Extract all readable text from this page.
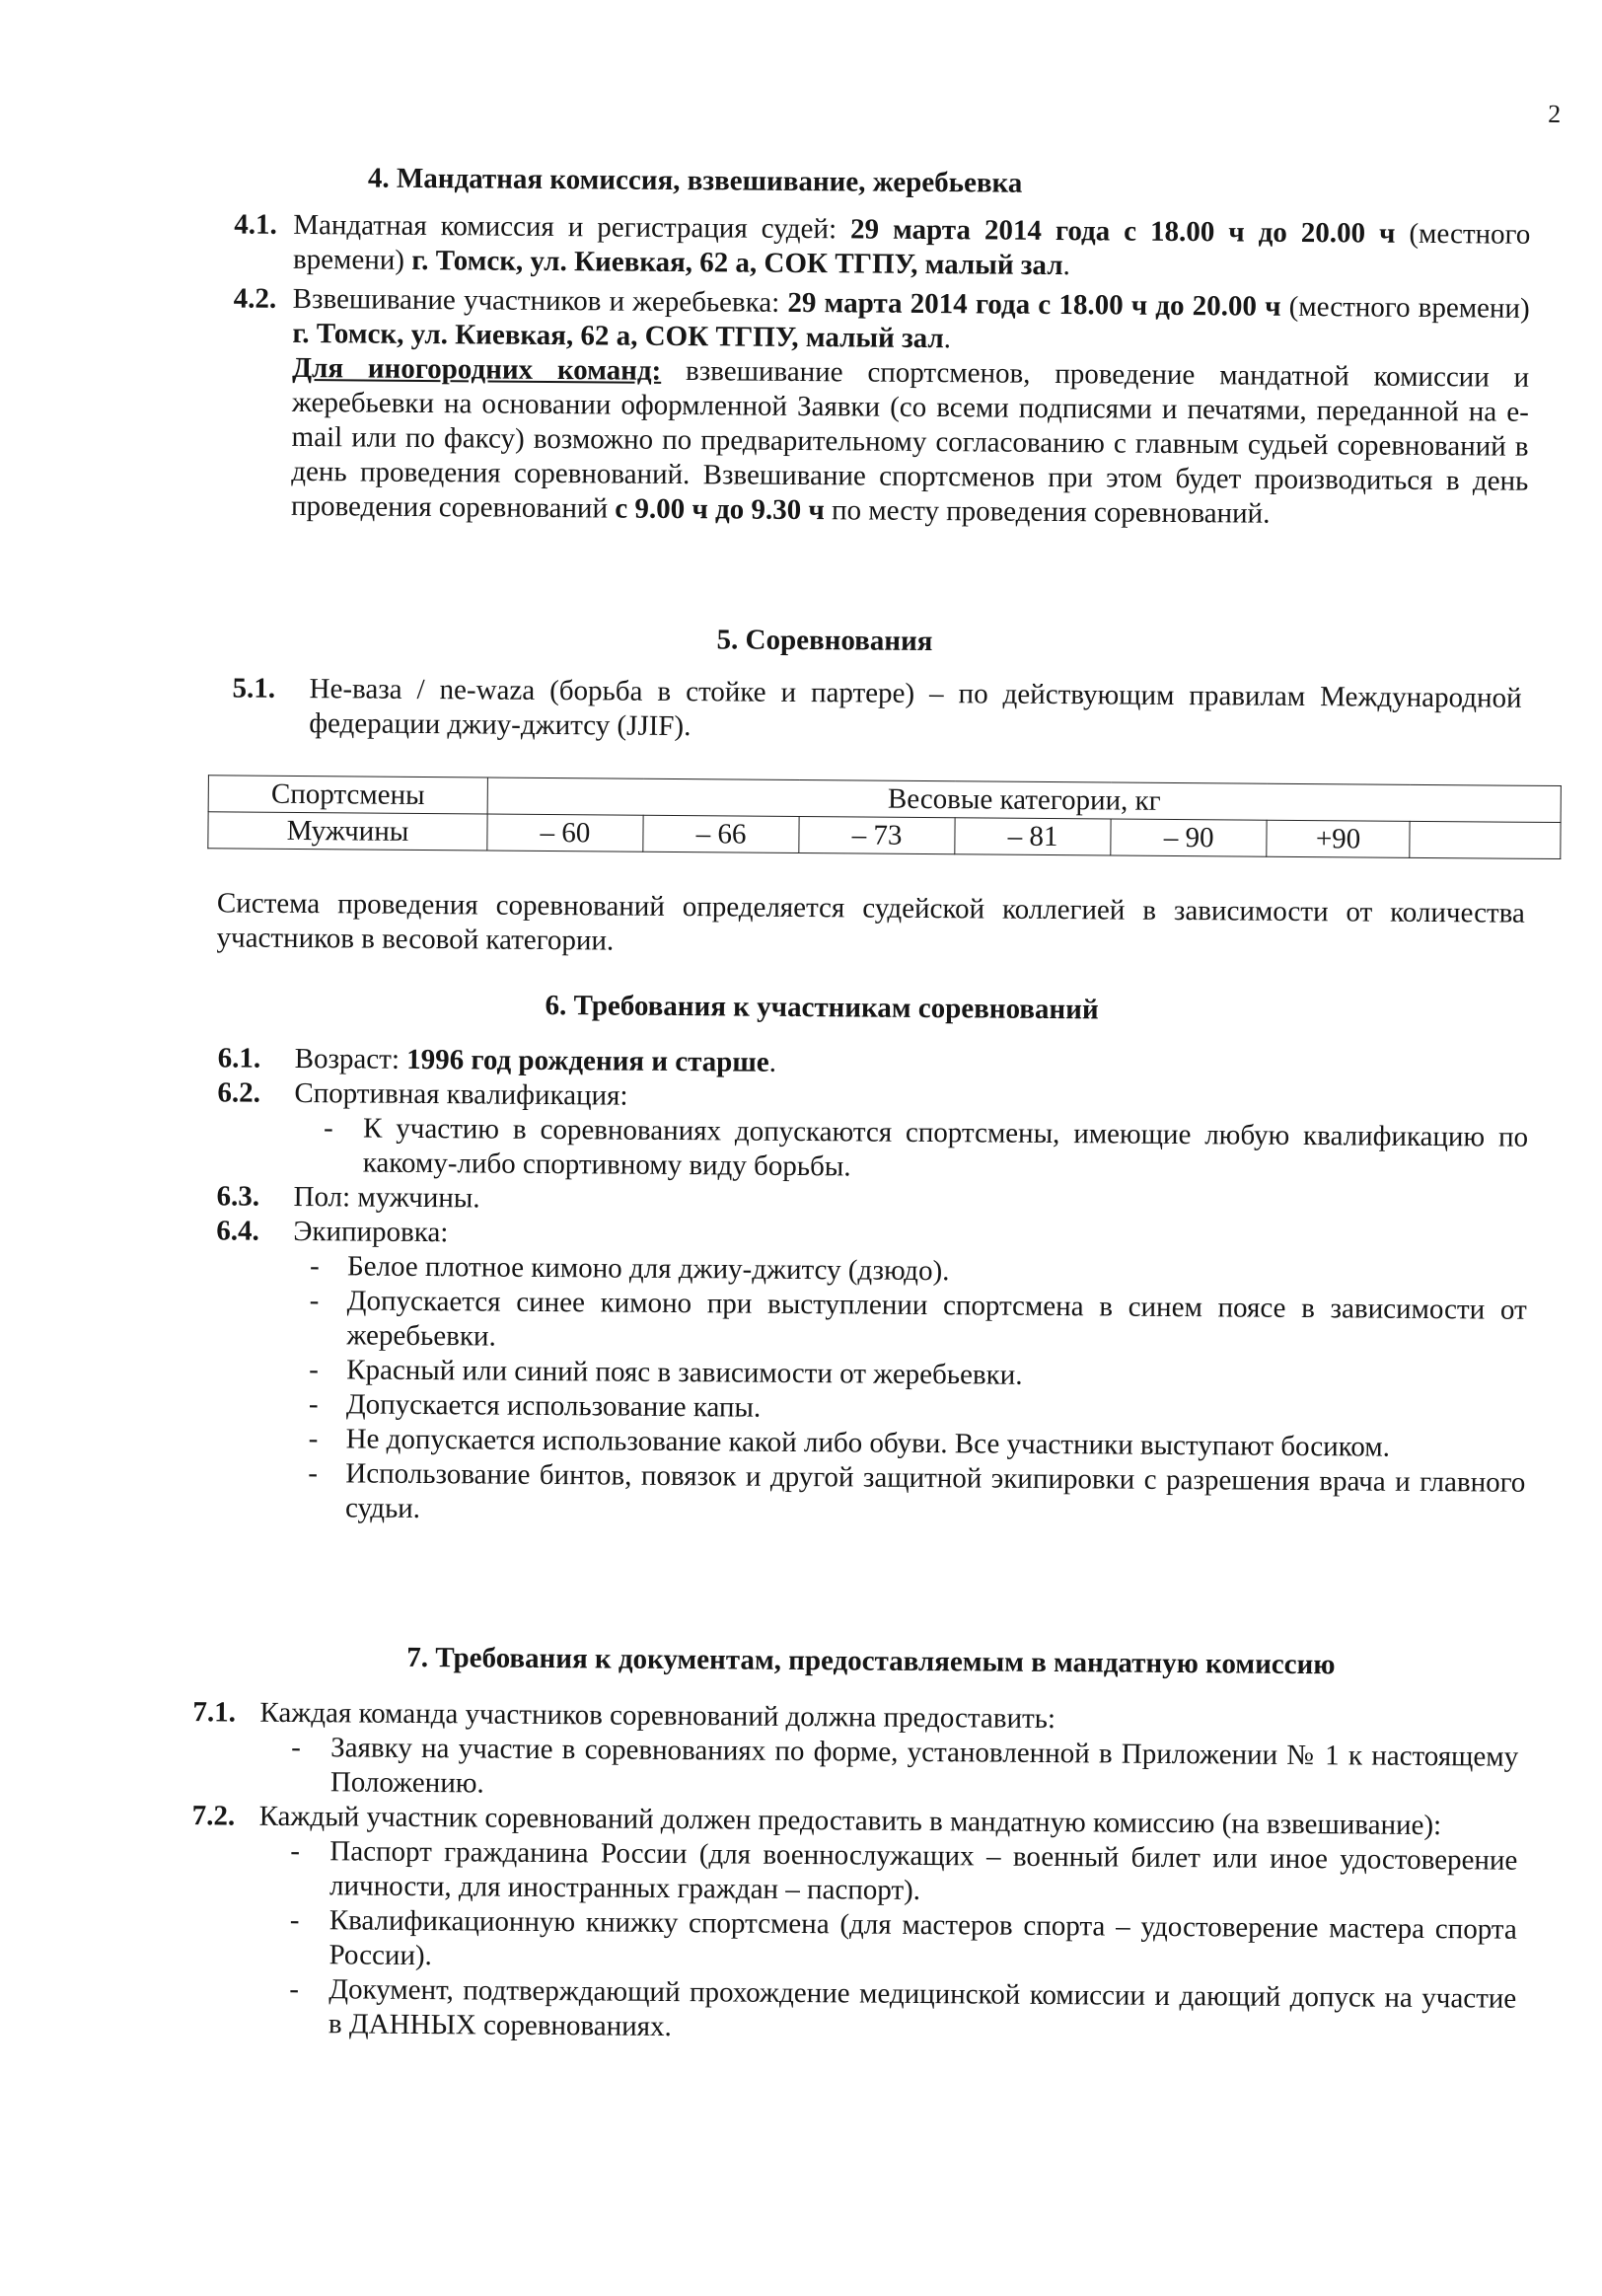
2

4. Мандатная комиссия, взвешивание, жеребьевка

4.1. Мандатная комиссия и регистрация судей: 29 марта 2014 года с 18.00 ч до 20.00 ч (местного времени) г. Томск, ул. Киевкая, 62 а, СОК ТГПУ, малый зал.

4.2. Взвешивание участников и жеребьевка: 29 марта 2014 года с 18.00 ч до 20.00 ч (местного времени) г. Томск, ул. Киевкая, 62 а, СОК ТГПУ, малый зал.

Для иногородних команд: взвешивание спортсменов, проведение мандатной комиссии и жеребьевки на основании оформленной Заявки (со всеми подписями и печатями, переданной на e-mail или по факсу) возможно по предварительному согласованию с главным судьей соревнований в день проведения соревнований. Взвешивание спортсменов при этом будет производиться в день проведения соревнований с 9.00 ч до 9.30 ч по месту проведения соревнований.

5. Соревнования

5.1. Не-ваза / ne-waza (борьба в стойке и партере) – по действующим правилам Международной федерации джиу-джитсу (JJIF).

Спортсмены	Весовые категории, кг						
Мужчины	– 60	– 66	– 73	– 81	– 90	+90	

Система проведения соревнований определяется судейской коллегией в зависимости от количества участников в весовой категории.

6. Требования к участникам соревнований

6.1. Возраст: 1996 год рождения и старше.

6.2. Спортивная квалификация:

- К участию в соревнованиях допускаются спортсмены, имеющие любую квалификацию по какому-либо спортивному виду борьбы.

6.3. Пол: мужчины.

6.4. Экипировка:

- Белое плотное кимоно для джиу-джитсу (дзюдо).
- Допускается синее кимоно при выступлении спортсмена в синем поясе в зависимости от жеребьевки.
- Красный или синий пояс в зависимости от жеребьевки.
- Допускается использование капы.
- Не допускается использование какой либо обуви. Все участники выступают босиком.
- Использование бинтов, повязок и другой защитной экипировки с разрешения врача и главного судьи.

7. Требования к документам, предоставляемым в мандатную комиссию

7.1. Каждая команда участников соревнований должна предоставить:

- Заявку на участие в соревнованиях по форме, установленной в Приложении № 1 к настоящему Положению.

7.2. Каждый участник соревнований должен предоставить в мандатную комиссию (на взвешивание):

- Паспорт гражданина России (для военнослужащих – военный билет или иное удостоверение личности, для иностранных граждан – паспорт).
- Квалификационную книжку спортсмена (для мастеров спорта – удостоверение мастера спорта России).
- Документ, подтверждающий прохождение медицинской комиссии и дающий допуск на участие в ДАННЫХ соревнованиях.
